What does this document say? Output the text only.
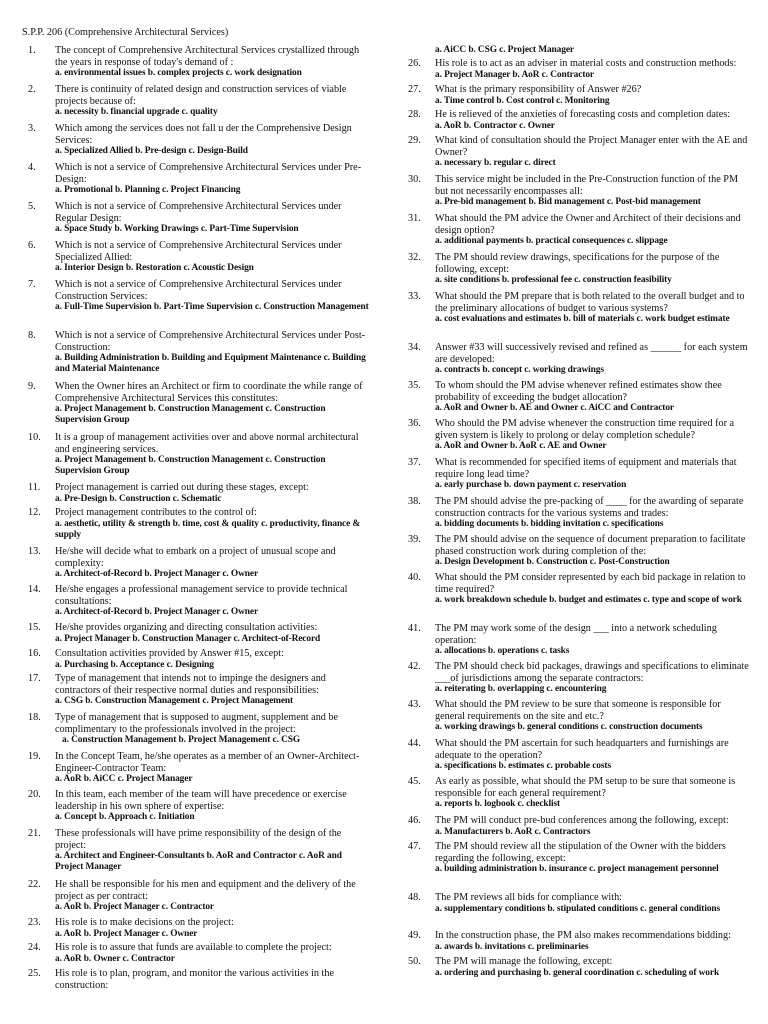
S.P.P. 206 (Comprehensive Architectural Services)
1.	The concept of Comprehensive Architectural Services crystallized through the years in response of today's demand of :
a. environmental issues b. complex projects c. work designation
2.	There is continuity of related design and construction services of viable projects because of:
a. necessity b. financial upgrade c. quality
3.	Which among the services does not fall u der the Comprehensive Design Services:
a. Specialized Allied b. Pre-design c. Design-Build
4.	Which is not a service of Comprehensive Architectural Services under Pre-Design:
a. Promotional b. Planning c. Project Financing
5.	Which is not a service of Comprehensive Architectural Services under Regular Design:
a. Space Study b. Working Drawings c. Part-Time Supervision
6.	Which is not a service of Comprehensive Architectural Services under Specialized Allied:
a. Interior Design b. Restoration c. Acoustic Design
7.	Which is not a service of Comprehensive Architectural Services under Construction Services:
a. Full-Time Supervision b. Part-Time Supervision c. Construction Management
8.	Which is not a service of Comprehensive Architectural Services under Post-Construction:
a. Building Administration b. Building and Equipment Maintenance c. Building and Material Maintenance
9.	When the Owner hires an Architect or firm to coordinate the while range of Comprehensive Architectural Services this constitutes:
a. Project Management b. Construction Management c. Construction Supervision Group
10.	It is a group of management activities over and above normal architectural and engineering services.
a. Project Management b. Construction Management c. Construction Supervision Group
11.	Project management is carried out during these stages, except:
a. Pre-Design b. Construction c. Schematic
12.	Project management contributes to the control of:
a. aesthetic, utility & strength b. time, cost & quality c. productivity, finance & supply
13.	He/she will decide what to embark on a project of unusual scope and complexity:
a. Architect-of-Record b. Project Manager c. Owner
14.	He/she engages a professional management service to provide technical consultations:
a. Architect-of-Record b. Project Manager c. Owner
15.	He/she provides organizing and directing consultation activities:
a. Project Manager b. Construction Manager c. Architect-of-Record
16.	Consultation activities provided by Answer #15, except:
a. Purchasing b. Acceptance c. Designing
17.	Type of management that intends not to impinge the designers and contractors of their respective normal duties and responsibilities:
a. CSG b. Construction Management c. Project Management
18.	Type of management that is supposed to augment, supplement and be complimentary to the professionals involved in the project:
a. Construction Management b. Project Management c. CSG
19.	In the Concept Team, he/she operates as a member of an Owner-Architect-Engineer-Contractor Team:
a. AoR b. AiCC c. Project Manager
20.	In this team, each member of the team will have precedence or exercise leadership in his own sphere of expertise:
a. Concept b. Approach c. Initiation
21.	These professionals will have prime responsibility of the design of the project:
a. Architect and Engineer-Consultants b. AoR and Contractor c. AoR and Project Manager
22.	He shall be responsible for his men and equipment and the delivery of the project as per contract:
a. AoR b. Project Manager c. Contractor
23.	His role is to make decisions on the project:
a. AoR b. Project Manager c. Owner
24.	His role is to assure that funds are available to complete the project:
a. AoR b. Owner c. Contractor
25.	His role is to plan, program, and monitor the various activities in the construction:
a. AiCC b. CSG c. Project Manager
26.	His role is to act as an adviser in material costs and construction methods:
a. Project Manager b. AoR c. Contractor
27.	What is the primary responsibility of Answer #26?
a. Time control b. Cost control c. Monitoring
28.	He is relieved of the anxieties of forecasting costs and completion dates:
a. AoR b. Contractor c. Owner
29.	What kind of consultation should the Project Manager enter with the AE and Owner?
a. necessary b. regular c. direct
30.	This service might be included in the Pre-Construction function of the PM but not necessarily encompasses all:
a. Pre-bid management b. Bid management c. Post-bid management
31.	What should the PM advice the Owner and Architect of their decisions and design option?
a. additional payments b. practical consequences c. slippage
32.	The PM should review drawings, specifications for the purpose of the following, except:
a. site conditions b. professional fee c. construction feasibility
33.	What should the PM prepare that is both related to the overall budget and to the preliminary allocations of budget to various systems?
a. cost evaluations and estimates b. bill of materials c. work budget estimate
34.	Answer #33 will successively revised and refined as ______ for each system are developed:
a. contracts b. concept c. working drawings
35.	To whom should the PM advise whenever refined estimates show thee probability of exceeding the budget allocation?
a. AoR and Owner b. AE and Owner c. AiCC and Contractor
36.	Who should the PM advise whenever the construction time required for a given system is likely to prolong or delay completion schedule?
a. AoR and Owner b. AoR c. AE and Owner
37.	What is recommended for specified items of equipment and materials that require long lead time?
a. early purchase b. down payment c. reservation
38.	The PM should advise the pre-packing of ____ for the awarding of separate construction contracts for the various systems and trades:
a. bidding documents b. bidding invitation c. specifications
39.	The PM should advise on the sequence of document preparation to facilitate phased construction work during completion of the:
a. Design Development b. Construction c. Post-Construction
40.	What should the PM consider represented by each bid package in relation to time required?
a. work breakdown schedule b. budget and estimates c. type and scope of work
41.	The PM may work some of the design ___ into a network scheduling operation:
a. allocations b. operations c. tasks
42.	The PM should check bid packages, drawings and specifications to eliminate ___of jurisdictions among the separate contractors:
a. reiterating b. overlapping c. encountering
43.	What should the PM review to be sure that someone is responsible for general requirements on the site and etc.?
a. working drawings b. general conditions c. construction documents
44.	What should the PM ascertain for such headquarters and furnishings are adequate to the operation?
a. specifications b. estimates c. probable costs
45.	As early as possible, what should the PM setup to be sure that someone is responsible for each general requirement?
a. reports b. logbook c. checklist
46.	The PM will conduct pre-bud conferences among the following, except:
a. Manufacturers b. AoR c. Contractors
47.	The PM should review all the stipulation of the Owner with the bidders regarding the following, except:
a. building administration b. insurance c. project management personnel
48.	The PM reviews all bids for compliance with:
a. supplementary conditions b. stipulated conditions c. general conditions
49.	In the construction phase, the PM also makes recommendations bidding:
a. awards b. invitations c. preliminaries
50.	The PM will manage the following, except:
a. ordering and purchasing b. general coordination c. scheduling of work
